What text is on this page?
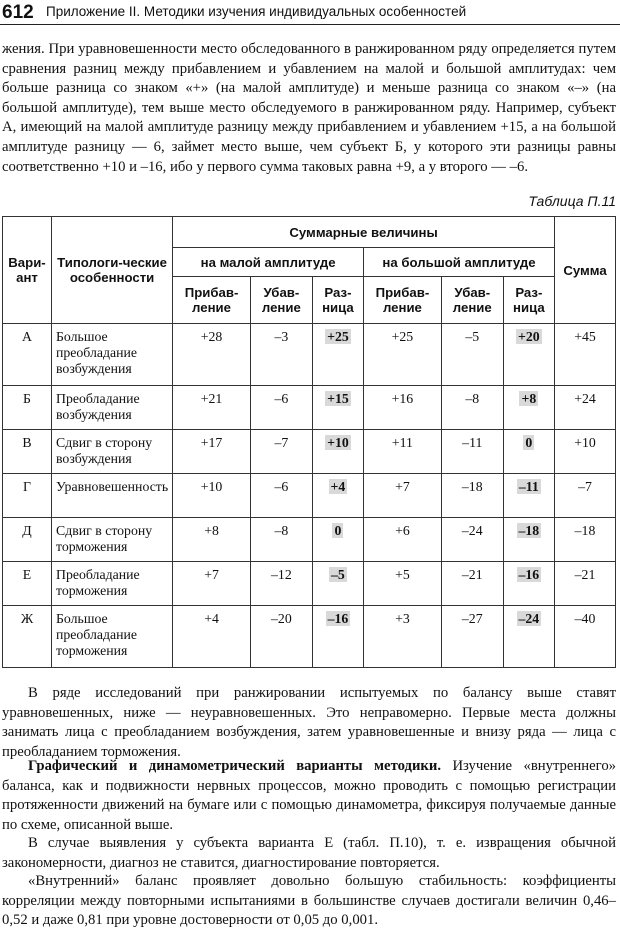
612 Приложение II. Методики изучения индивидуальных особенностей

жения. При уравновешенности место обследованного в ранжированном ряду определяется путем сравнения разниц между прибавлением и убавлением на малой и большой амплитудах: чем больше разница со знаком «+» (на малой амплитуде) и меньше разница со знаком «–» (на большой амплитуде), тем выше место обследуемого в ранжированном ряду. Например, субъект А, имеющий на малой амплитуде разницу между прибавлением и убавлением +15, а на большой амплитуде разницу — 6, займет место выше, чем субъект Б, у которого эти разницы равны соответственно +10 и –16, ибо у первого сумма таковых равна +9, а у второго — –6.

Таблица П.11
Вари-ант	Типологи-ческие особенности	Суммарные величины						Сумма
		на малой амплитуде			на большой амплитуде			
		Прибав-ление	Убав-ление	Раз-ница	Прибав-ление	Убав-ление	Раз-ница	
А	Большое преобладание возбуждения	+28	–3	+25	+25	–5	+20	+45
Б	Преобладание возбуждения	+21	–6	+15	+16	–8	+8	+24
В	Сдвиг в сторону возбуждения	+17	–7	+10	+11	–11	0	+10
Г	Уравновешенность	+10	–6	+4	+7	–18	–11	–7
Д	Сдвиг в сторону торможения	+8	–8	0	+6	–24	–18	–18
Е	Преобладание торможения	+7	–12	–5	+5	–21	–16	–21
Ж	Большое преобладание торможения	+4	–20	–16	+3	–27	–24	–40

В ряде исследований при ранжировании испытуемых по балансу выше ставят уравновешенных, ниже — неуравновешенных. Это неправомерно. Первые места должны занимать лица с преобладанием возбуждения, затем уравновешенные и внизу ряда — лица с преобладанием торможения.

Графический и динамометрический варианты методики. Изучение «внутреннего» баланса, как и подвижности нервных процессов, можно проводить с помощью регистрации протяженности движений на бумаге или с помощью динамометра, фиксируя получаемые данные по схеме, описанной выше.

В случае выявления у субъекта варианта Е (табл. П.10), т. е. извращения обычной закономерности, диагноз не ставится, диагностирование повторяется.

«Внутренний» баланс проявляет довольно большую стабильность: коэффициенты корреляции между повторными испытаниями в большинстве случаев достигали величин 0,46–0,52 и даже 0,81 при уровне достоверности от 0,05 до 0,001.
